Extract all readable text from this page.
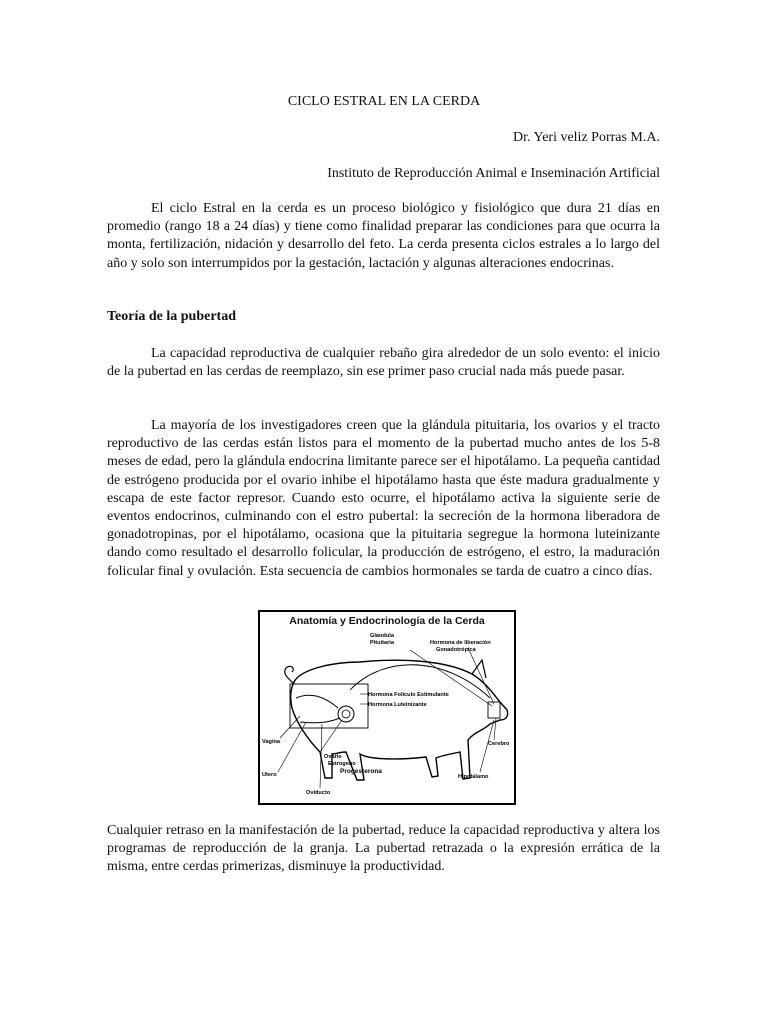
CICLO ESTRAL EN LA CERDA
Dr. Yeri veliz Porras M.A.
Instituto de Reproducción Animal e Inseminación Artificial

El ciclo Estral en la cerda es un proceso biológico y fisiológico que dura 21 días en promedio (rango 18 a 24 días) y tiene como finalidad preparar las condiciones para que ocurra la monta, fertilización, nidación y desarrollo del feto. La cerda presenta ciclos estrales a lo largo del año y solo son interrumpidos por la gestación, lactación y algunas alteraciones endocrinas.

Teoría de la pubertad

La capacidad reproductiva de cualquier rebaño gira alrededor de un solo evento: el inicio de la pubertad en las cerdas de reemplazo, sin ese primer paso crucial nada más puede pasar.

La mayoría de los investigadores creen que la glándula pituitaria, los ovarios y el tracto reproductivo de las cerdas están listos para el momento de la pubertad mucho antes de los 5-8 meses de edad, pero la glándula endocrina limitante parece ser el hipotálamo. La pequeña cantidad de estrógeno producida por el ovario inhibe el hipotálamo hasta que éste madura gradualmente y escapa de este factor represor. Cuando esto ocurre, el hipotálamo activa la siguiente serie de eventos endocrinos, culminando con el estro pubertal: la secreción de la hormona liberadora de gonadotropinas, por el hipotálamo, ocasiona que la pituitaria segregue la hormona luteinizante dando como resultado el desarrollo folicular, la producción de estrógeno, el estro, la maduración folicular final y ovulación. Esta secuencia de cambios hormonales se tarda de cuatro a cinco días.

Anatomía y Endocrinología de la Cerda
Glándula
Pituitaria	Hormona de liberación
Gonadotrópica
Hormona Folículo Estimulante
Hormona Luteinizante
Vagina
Utero
Ovario
Estrogeno
Progesterona
Oviducto
Cerebro
Hipotálamo

Cualquier retraso en la manifestación de la pubertad, reduce la capacidad reproductiva y altera los programas de reproducción de la granja. La pubertad retrazada o la expresión errática de la misma, entre cerdas primerizas, disminuye la productividad.
